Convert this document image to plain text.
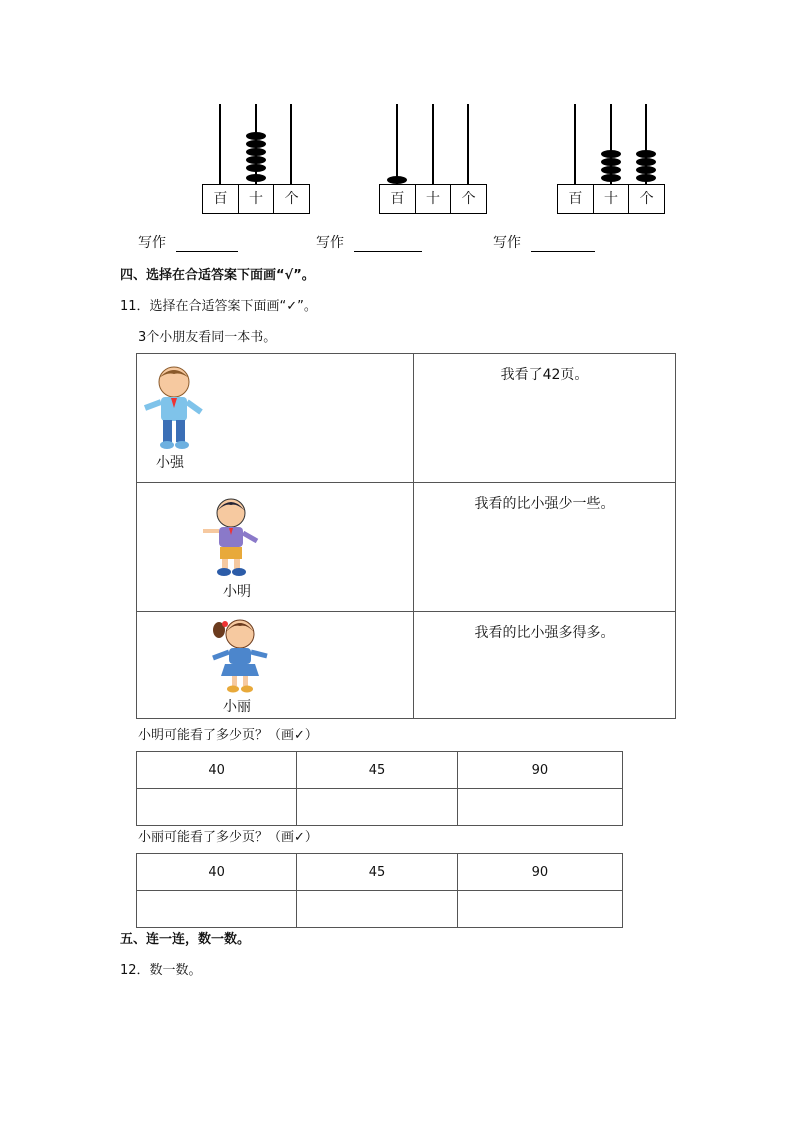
百	十	个	百	十	个	百	十	个
写作	写作	写作
四、选择在合适答案下面画“√”。
11．选择在合适答案下面画“✓”。
3个小朋友看同一本书。
小强	我看了42页。

小明	我看的比小强少一些。

小丽	我看的比小强多得多。
小明可能看了多少页？（画✓）
40	45	90

小丽可能看了多少页？（画✓）
40	45	90

五、连一连，数一数。
12．数一数。
